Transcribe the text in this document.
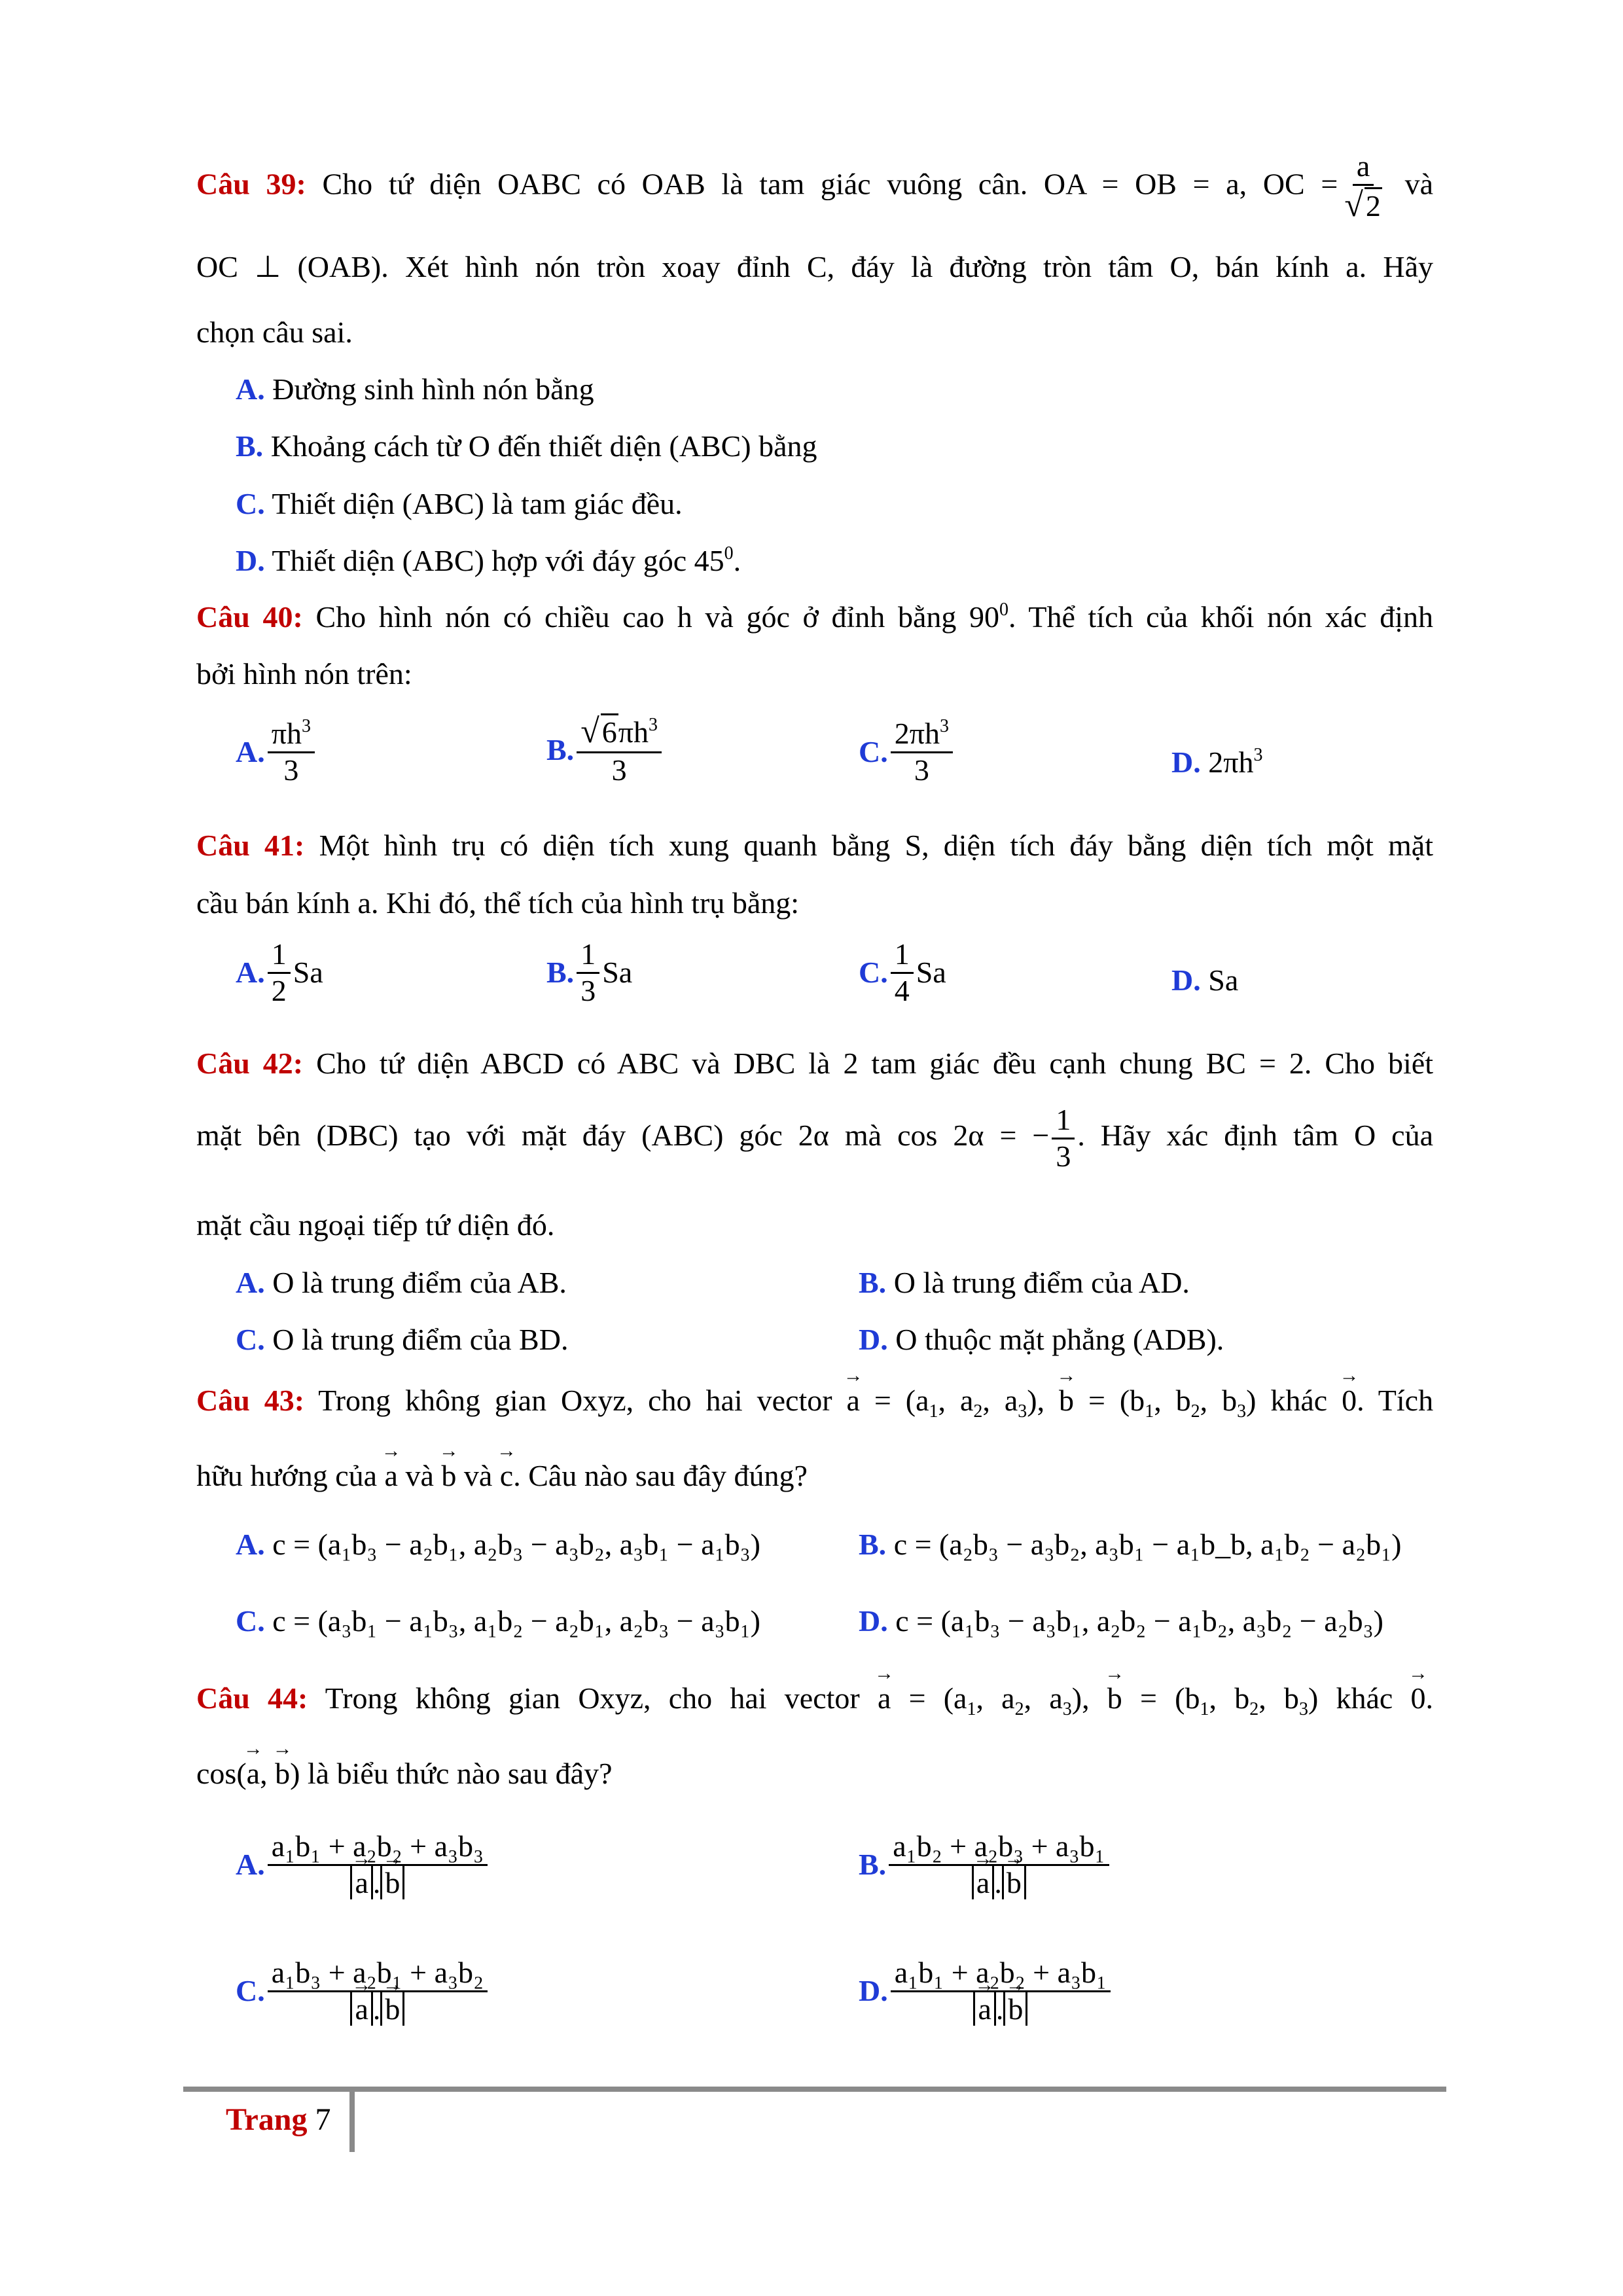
Câu 39: Cho tứ diện OABC có OAB là tam giác vuông cân. OA = OB = a, OC = $\frac{a}{√2}$ và
OC ⊥ (OAB). Xét hình nón tròn xoay đỉnh C, đáy là đường tròn tâm O, bán kính a. Hãy
chọn câu sai.
A. Đường sinh hình nón bằng
B. Khoảng cách từ O đến thiết diện (ABC) bằng
C. Thiết diện (ABC) là tam giác đều.
D. Thiết diện (ABC) hợp với đáy góc $45^0$.
Câu 40: Cho hình nón có chiều cao h và góc ở đỉnh bằng $90^0$. Thể tích của khối nón xác định
bởi hình nón trên:
A. $\frac{\pi h^3}{3}$	B. $\frac{√6\pi h^3}{3}$	C. $\frac{2\pi h^3}{3}$	D. $2\pi h^3$
Câu 41: Một hình trụ có diện tích xung quanh bằng S, diện tích đáy bằng diện tích một mặt
cầu bán kính a. Khi đó, thể tích của hình trụ bằng:
A. $\frac{1}{2}$ Sa	B. $\frac{1}{3}$ Sa	C. $\frac{1}{4}$ Sa	D. Sa
Câu 42: Cho tứ diện ABCD có ABC và DBC là 2 tam giác đều cạnh chung BC = 2. Cho biết
mặt bên (DBC) tạo với mặt đáy (ABC) góc 2α mà cos 2α = − $\frac{1}{3}$ . Hãy xác định tâm O của
mặt cầu ngoại tiếp tứ diện đó.
A. O là trung điểm của AB.	B. O là trung điểm của AD.
C. O là trung điểm của BD.	D. O thuộc mặt phẳng (ADB).
Câu 43: Trong không gian Oxyz, cho hai vector → $a = (a_1$, $a_2$, $a_3$), → $b = (b_1$, $b_2$, $b_3$) khác → 0. Tích
hữu hướng của → a và → b và → c. Câu nào sau đây đúng?
A. c = (a₁b₃ − a₂b₁, a₂b₃ − a₃b₂, a₃b₁ − a₁b₃)	B. c = (a₂b₃ − a₃b₂, a₃b₁ − a₁b_b, a₁b₂ − a₂b₁)
C. c = (a₃b₁ − a₁b₃, a₁b₂ − a₂b₁, a₂b₃ − a₃b₁)	D. c = (a₁b₃ − a₃b₁, a₂b₂ − a₁b₂, a₃b₂ − a₂b₃)
Câu 44: Trong không gian Oxyz, cho hai vector → $a = (a_1$, $a_2$, $a_3$), → $b = (b_1$, $b_2$, $b_3$) khác → 0.
cos(→ a, → b) là biểu thức nào sau đây?
A. a₁b₁ + a₂b₂ + a₃b₃
→ a . → b	B. a₁b₂ + a₂b₃ + a₃b₁
→ a . → b
C. a₁b₃ + a₂b₁ + a₃b₂
→ a . → b	D. a₁b₁ + a₂b₂ + a₃b₁
→ a . → b
Trang 7
